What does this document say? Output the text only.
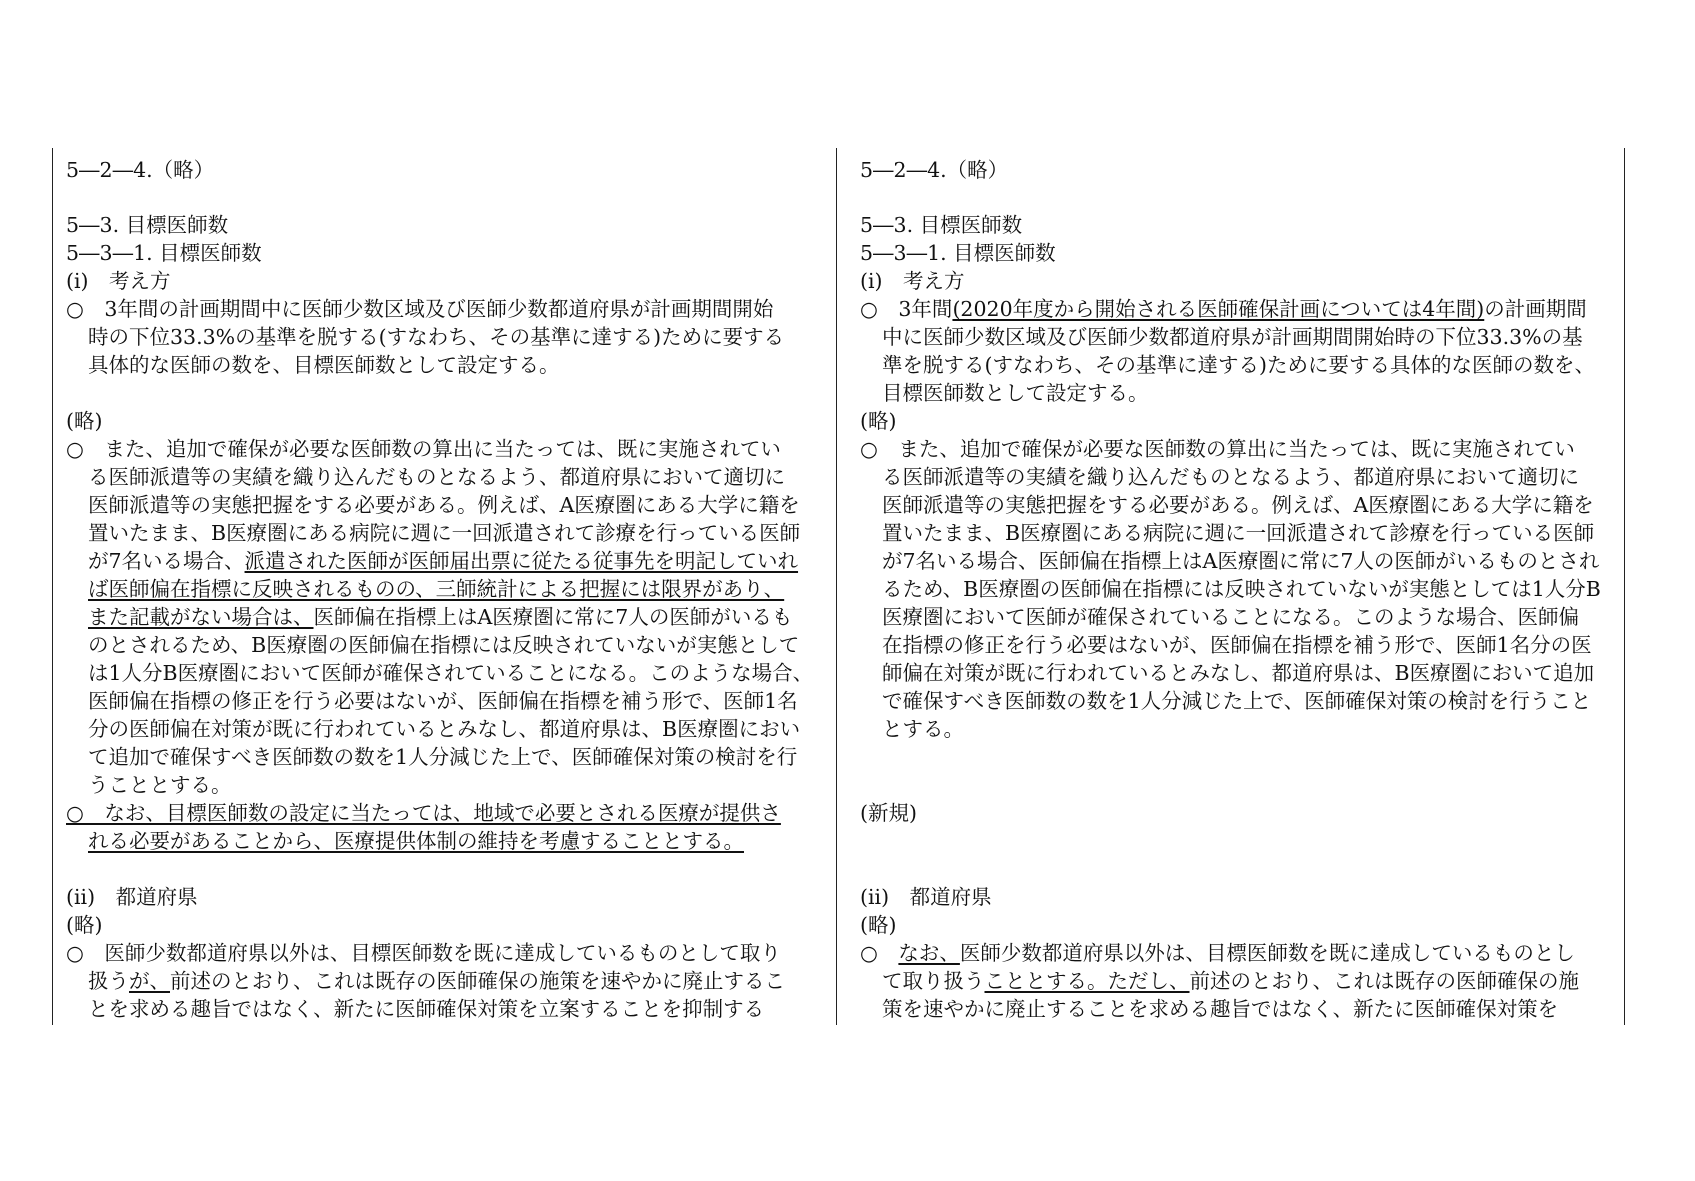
5―2―4.（略）
5―3. 目標医師数
5―3―1. 目標医師数
(i)　考え方
○　3年間の計画期間中に医師少数区域及び医師少数都道府県が計画期間開始
時の下位33.3%の基準を脱する(すなわち、その基準に達する)ために要する
具体的な医師の数を、目標医師数として設定する。
(略)
○　また、追加で確保が必要な医師数の算出に当たっては、既に実施されてい
る医師派遣等の実績を織り込んだものとなるよう、都道府県において適切に
医師派遣等の実態把握をする必要がある。例えば、A医療圏にある大学に籍を
置いたまま、B医療圏にある病院に週に一回派遣されて診療を行っている医師
が7名いる場合、派遣された医師が医師届出票に従たる従事先を明記していれ
ば医師偏在指標に反映されるものの、三師統計による把握には限界があり、
また記載がない場合は、医師偏在指標上はA医療圏に常に7人の医師がいるも
のとされるため、B医療圏の医師偏在指標には反映されていないが実態として
は1人分B医療圏において医師が確保されていることになる。このような場合、
医師偏在指標の修正を行う必要はないが、医師偏在指標を補う形で、医師1名
分の医師偏在対策が既に行われているとみなし、都道府県は、B医療圏におい
て追加で確保すべき医師数の数を1人分減じた上で、医師確保対策の検討を行
うこととする。
○　なお、目標医師数の設定に当たっては、地域で必要とされる医療が提供さ
れる必要があることから、医療提供体制の維持を考慮することとする。
(ii)　都道府県
(略)
○　医師少数都道府県以外は、目標医師数を既に達成しているものとして取り
扱うが、前述のとおり、これは既存の医師確保の施策を速やかに廃止するこ
とを求める趣旨ではなく、新たに医師確保対策を立案することを抑制する
5―2―4.（略）
5―3. 目標医師数
5―3―1. 目標医師数
(i)　考え方
○　3年間(2020年度から開始される医師確保計画については4年間)の計画期間
中に医師少数区域及び医師少数都道府県が計画期間開始時の下位33.3%の基
準を脱する(すなわち、その基準に達する)ために要する具体的な医師の数を、
目標医師数として設定する。
(略)
○　また、追加で確保が必要な医師数の算出に当たっては、既に実施されてい
る医師派遣等の実績を織り込んだものとなるよう、都道府県において適切に
医師派遣等の実態把握をする必要がある。例えば、A医療圏にある大学に籍を
置いたまま、B医療圏にある病院に週に一回派遣されて診療を行っている医師
が7名いる場合、医師偏在指標上はA医療圏に常に7人の医師がいるものとされ
るため、B医療圏の医師偏在指標には反映されていないが実態としては1人分B
医療圏において医師が確保されていることになる。このような場合、医師偏
在指標の修正を行う必要はないが、医師偏在指標を補う形で、医師1名分の医
師偏在対策が既に行われているとみなし、都道府県は、B医療圏において追加
で確保すべき医師数の数を1人分減じた上で、医師確保対策の検討を行うこと
とする。
(新規)
(ii)　都道府県
(略)
○　なお、医師少数都道府県以外は、目標医師数を既に達成しているものとし
て取り扱うこととする。ただし、前述のとおり、これは既存の医師確保の施
策を速やかに廃止することを求める趣旨ではなく、新たに医師確保対策を
